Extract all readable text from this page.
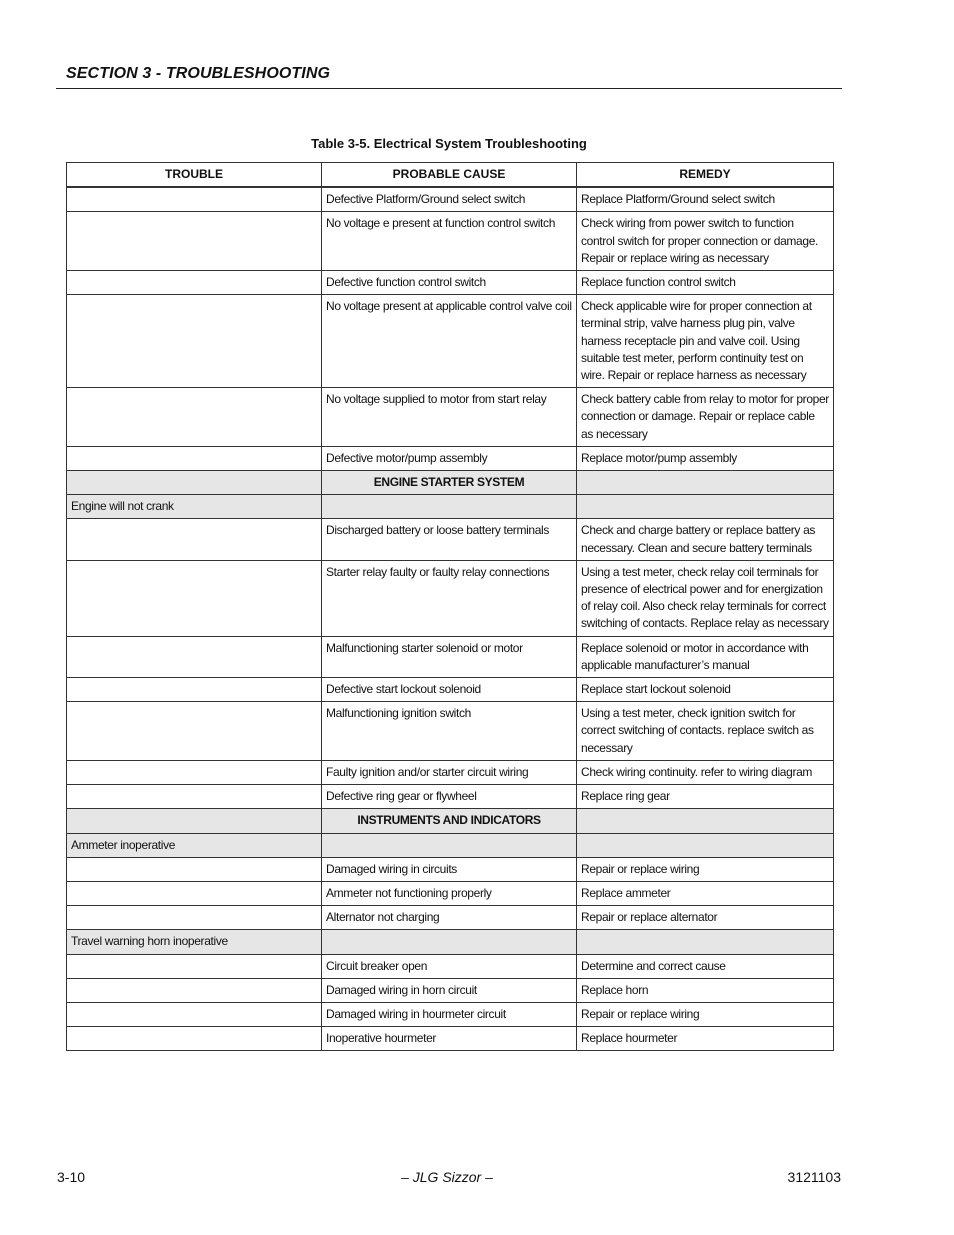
SECTION 3 - TROUBLESHOOTING
Table 3-5. Electrical System Troubleshooting
TROUBLE	PROBABLE CAUSE	REMEDY

	Defective Platform/Ground select switch	Replace Platform/Ground select switch
	No voltage e present at function control switch	Check wiring from power switch to function control switch for proper connection or damage. Repair or replace wiring as necessary
	Defective function control switch	Replace function control switch
	No voltage present at applicable control valve coil	Check applicable wire for proper connection at terminal strip, valve harness plug pin, valve harness receptacle pin and valve coil. Using suitable test meter, perform continuity test on wire. Repair or replace harness as necessary
	No voltage supplied to motor from start relay	Check battery cable from relay to motor for proper connection or damage. Repair or replace cable as necessary
	Defective motor/pump assembly	Replace motor/pump assembly
	ENGINE STARTER SYSTEM	
Engine will not crank		
	Discharged battery or loose battery terminals	Check and charge battery or replace battery as necessary. Clean and secure battery terminals
	Starter relay faulty or faulty relay connections	Using a test meter, check relay coil terminals for presence of electrical power and for energization of relay coil. Also check relay terminals for correct switching of contacts. Replace relay as necessary
	Malfunctioning starter solenoid or motor	Replace solenoid or motor in accordance with applicable manufacturer’s manual
	Defective start lockout solenoid	Replace start lockout solenoid
	Malfunctioning ignition switch	Using a test meter, check ignition switch for correct switching of contacts. replace switch as necessary
	Faulty ignition and/or starter circuit wiring	Check wiring continuity. refer to wiring diagram
	Defective ring gear or flywheel	Replace ring gear
	INSTRUMENTS AND INDICATORS	
Ammeter inoperative		
	Damaged wiring in circuits	Repair or replace wiring
	Ammeter not functioning properly	Replace ammeter
	Alternator not charging	Repair or replace alternator
Travel warning horn inoperative		
	Circuit breaker open	Determine and correct cause
	Damaged wiring in horn circuit	Replace horn
	Damaged wiring in hourmeter circuit	Repair or replace wiring
	Inoperative hourmeter	Replace hourmeter
3-10	– JLG Sizzor –	3121103
